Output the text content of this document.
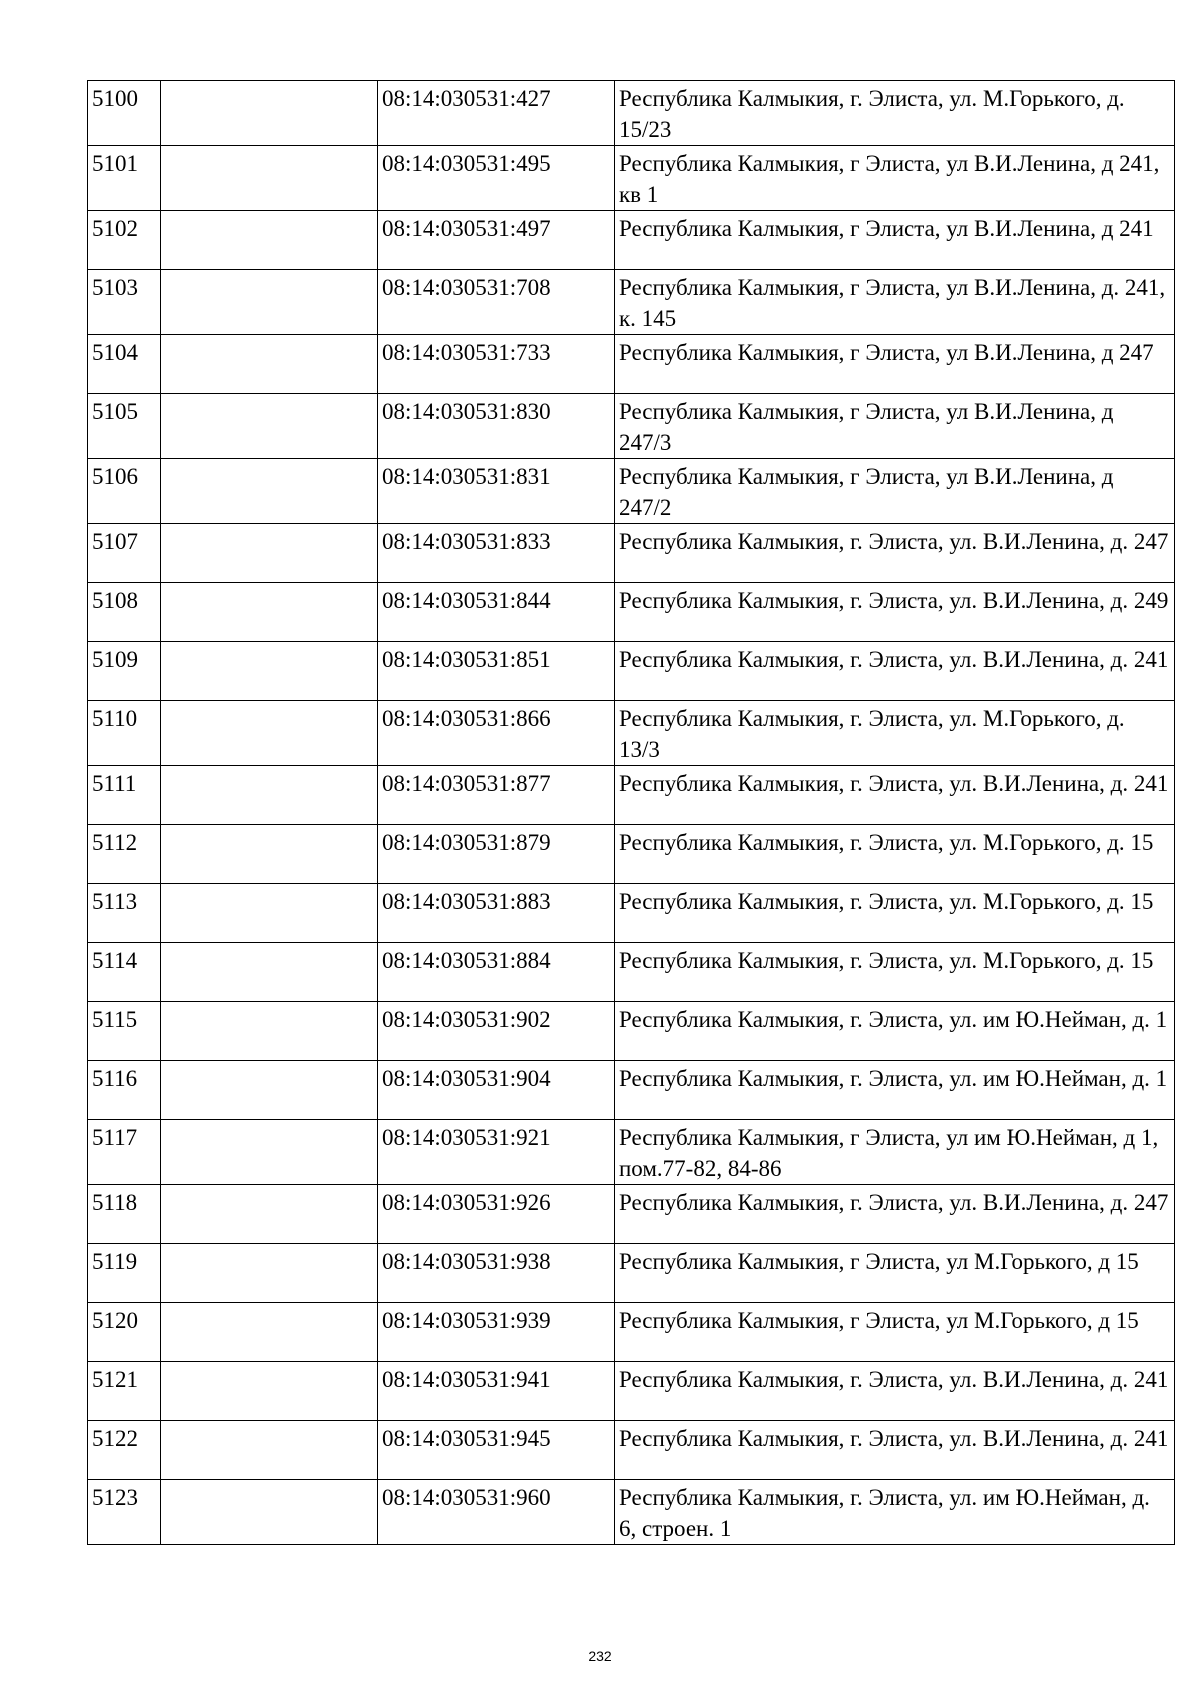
5100		08:14:030531:427	Республика Калмыкия, г. Элиста, ул. М.Горького, д. 15/23
5101		08:14:030531:495	Республика Калмыкия, г Элиста, ул В.И.Ленина, д 241, кв 1
5102		08:14:030531:497	Республика Калмыкия, г Элиста, ул В.И.Ленина, д 241
5103		08:14:030531:708	Республика Калмыкия, г Элиста, ул В.И.Ленина, д. 241, к. 145
5104		08:14:030531:733	Республика Калмыкия, г Элиста, ул В.И.Ленина, д 247
5105		08:14:030531:830	Республика Калмыкия, г Элиста, ул В.И.Ленина, д 247/3
5106		08:14:030531:831	Республика Калмыкия, г Элиста, ул В.И.Ленина, д 247/2
5107		08:14:030531:833	Республика Калмыкия, г. Элиста, ул. В.И.Ленина, д. 247
5108		08:14:030531:844	Республика Калмыкия, г. Элиста, ул. В.И.Ленина, д. 249
5109		08:14:030531:851	Республика Калмыкия, г. Элиста, ул. В.И.Ленина, д. 241
5110		08:14:030531:866	Республика Калмыкия, г. Элиста, ул. М.Горького, д. 13/3
5111		08:14:030531:877	Республика Калмыкия, г. Элиста, ул. В.И.Ленина, д. 241
5112		08:14:030531:879	Республика Калмыкия, г. Элиста, ул. М.Горького, д. 15
5113		08:14:030531:883	Республика Калмыкия, г. Элиста, ул. М.Горького, д. 15
5114		08:14:030531:884	Республика Калмыкия, г. Элиста, ул. М.Горького, д. 15
5115		08:14:030531:902	Республика Калмыкия, г. Элиста, ул. им Ю.Нейман, д. 1
5116		08:14:030531:904	Республика Калмыкия, г. Элиста, ул. им Ю.Нейман, д. 1
5117		08:14:030531:921	Республика Калмыкия, г Элиста, ул им Ю.Нейман, д 1, пом.77-82, 84-86
5118		08:14:030531:926	Республика Калмыкия, г. Элиста, ул. В.И.Ленина, д. 247
5119		08:14:030531:938	Республика Калмыкия, г Элиста, ул М.Горького, д 15
5120		08:14:030531:939	Республика Калмыкия, г Элиста, ул М.Горького, д 15
5121		08:14:030531:941	Республика Калмыкия, г. Элиста, ул. В.И.Ленина, д. 241
5122		08:14:030531:945	Республика Калмыкия, г. Элиста, ул. В.И.Ленина, д. 241
5123		08:14:030531:960	Республика Калмыкия, г. Элиста, ул. им Ю.Нейман, д. 6, строен. 1
232
